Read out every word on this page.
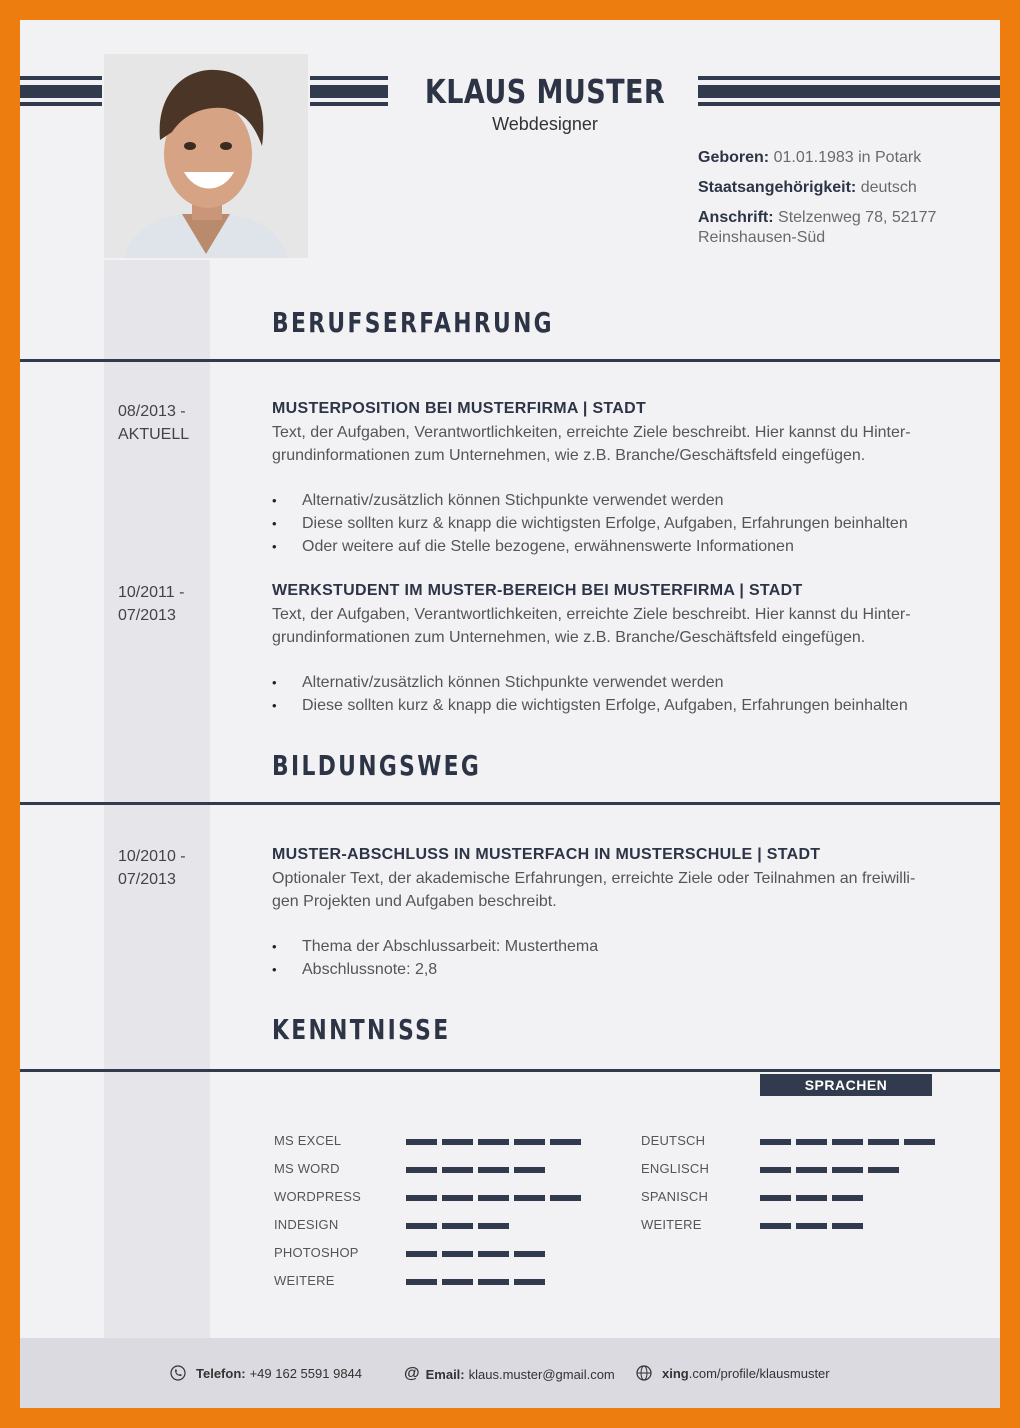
KLAUS MUSTER
Webdesigner
Geboren: 01.01.1983 in Potark
Staatsangehörigkeit: deutsch
Anschrift: Stelzenweg 78, 52177
Reinshausen-Süd
BERUFSERFAHRUNG
08/2013 -
AKTUELL
MUSTERPOSITION BEI MUSTERFIRMA | STADT
Text, der Aufgaben, Verantwortlichkeiten, erreichte Ziele beschreibt. Hier kannst du Hinter-
grundinformationen zum Unternehmen, wie z.B. Branche/Geschäftsfeld eingefügen.
• Alternativ/zusätzlich können Stichpunkte verwendet werden
• Diese sollten kurz & knapp die wichtigsten Erfolge, Aufgaben, Erfahrungen beinhalten
• Oder weitere auf die Stelle bezogene, erwähnenswerte Informationen
10/2011 -
07/2013
WERKSTUDENT IM MUSTER-BEREICH BEI MUSTERFIRMA | STADT
Text, der Aufgaben, Verantwortlichkeiten, erreichte Ziele beschreibt. Hier kannst du Hinter-
grundinformationen zum Unternehmen, wie z.B. Branche/Geschäftsfeld eingefügen.
• Alternativ/zusätzlich können Stichpunkte verwendet werden
• Diese sollten kurz & knapp die wichtigsten Erfolge, Aufgaben, Erfahrungen beinhalten
BILDUNGSWEG
10/2010 -
07/2013
MUSTER-ABSCHLUSS IN MUSTERFACH IN MUSTERSCHULE | STADT
Optionaler Text, der akademische Erfahrungen, erreichte Ziele oder Teilnahmen an freiwilli-
gen Projekten und Aufgaben beschreibt.
• Thema der Abschlussarbeit: Musterthema
• Abschlussnote: 2,8
KENNTNISSE
SPRACHEN
MS EXCEL
MS WORD
WORDPRESS
INDESIGN
PHOTOSHOP
WEITERE
DEUTSCH
ENGLISCH
SPANISCH
WEITERE
Telefon: +49 162 5591 9844	@ Email: klaus.muster@gmail.com	xing.com/profile/klausmuster
